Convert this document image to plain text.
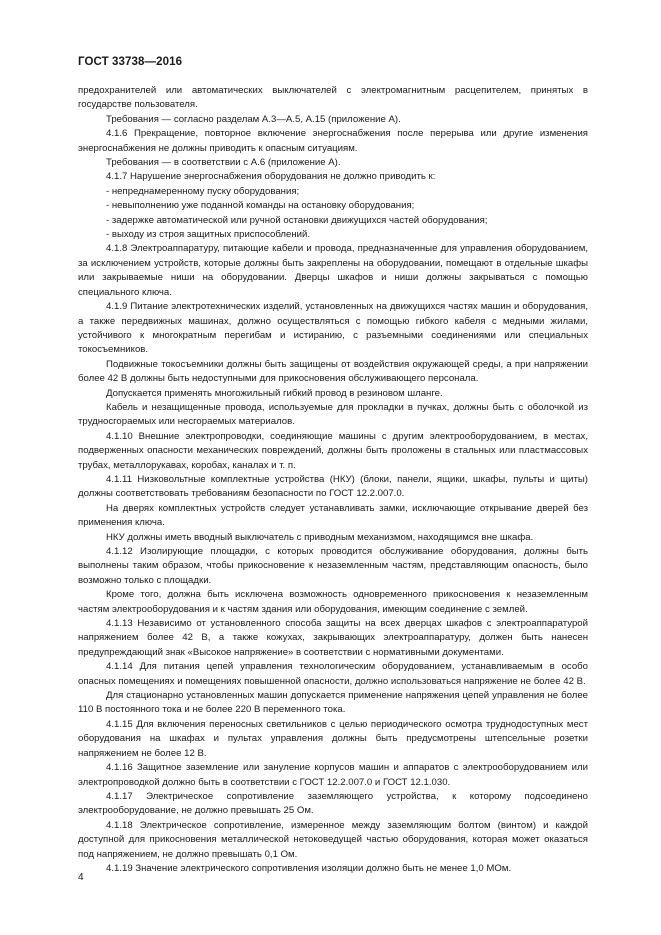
ГОСТ 33738—2016

предохранителей или автоматических выключателей с электромагнитным расцепителем, принятых в государстве пользователя.

Требования — согласно разделам А.3—А.5, А.15 (приложение А).

4.1.6 Прекращение, повторное включение энергоснабжения после перерыва или другие изменения энергоснабжения не должны приводить к опасным ситуациям.

Требования — в соответствии с А.6 (приложение А).

4.1.7 Нарушение энергоснабжения оборудования не должно приводить к:

- непреднамеренному пуску оборудования;

- невыполнению уже поданной команды на остановку оборудования;

- задержке автоматической или ручной остановки движущихся частей оборудования;

- выходу из строя защитных приспособлений.

4.1.8 Электроаппаратуру, питающие кабели и провода, предназначенные для управления оборудованием, за исключением устройств, которые должны быть закреплены на оборудовании, помещают в отдельные шкафы или закрываемые ниши на оборудовании. Дверцы шкафов и ниши должны закрываться с помощью специального ключа.

4.1.9 Питание электротехнических изделий, установленных на движущихся частях машин и оборудования, а также передвижных машинах, должно осуществляться с помощью гибкого кабеля с медными жилами, устойчивого к многократным перегибам и истиранию, с разъемными соединениями или специальных токосъемников.

Подвижные токосъемники должны быть защищены от воздействия окружающей среды, а при напряжении более 42 В должны быть недоступными для прикосновения обслуживающего персонала.

Допускается применять многожильный гибкий провод в резиновом шланге.

Кабель и незащищенные провода, используемые для прокладки в пучках, должны быть с оболочкой из трудносгораемых или несгораемых материалов.

4.1.10 Внешние электропроводки, соединяющие машины с другим электрооборудованием, в местах, подверженных опасности механических повреждений, должны быть проложены в стальных или пластмассовых трубах, металлорукавах, коробах, каналах и т. п.

4.1.11 Низковольтные комплектные устройства (НКУ) (блоки, панели, ящики, шкафы, пульты и щиты) должны соответствовать требованиям безопасности по ГОСТ 12.2.007.0.

На дверях комплектных устройств следует устанавливать замки, исключающие открывание дверей без применения ключа.

НКУ должны иметь вводный выключатель с приводным механизмом, находящимся вне шкафа.

4.1.12 Изолирующие площадки, с которых проводится обслуживание оборудования, должны быть выполнены таким образом, чтобы прикосновение к незаземленным частям, представляющим опасность, было возможно только с площадки.

Кроме того, должна быть исключена возможность одновременного прикосновения к незаземленным частям электрооборудования и к частям здания или оборудования, имеющим соединение с землей.

4.1.13 Независимо от установленного способа защиты на всех дверцах шкафов с электроаппаратурой напряжением более 42 В, а также кожухах, закрывающих электроаппаратуру, должен быть нанесен предупреждающий знак «Высокое напряжение» в соответствии с нормативными документами.

4.1.14 Для питания цепей управления технологическим оборудованием, устанавливаемым в особо опасных помещениях и помещениях повышенной опасности, должно использоваться напряжение не более 42 В.

Для стационарно установленных машин допускается применение напряжения цепей управления не более 110 В постоянного тока и не более 220 В переменного тока.

4.1.15 Для включения переносных светильников с целью периодического осмотра труднодоступных мест оборудования на шкафах и пультах управления должны быть предусмотрены штепсельные розетки напряжением не более 12 В.

4.1.16 Защитное заземление или зануление корпусов машин и аппаратов с электрооборудованием или электропроводкой должно быть в соответствии с ГОСТ 12.2.007.0 и ГОСТ 12.1.030.

4.1.17 Электрическое сопротивление заземляющего устройства, к которому подсоединено электрооборудование, не должно превышать 25 Ом.

4.1.18 Электрическое сопротивление, измеренное между заземляющим болтом (винтом) и каждой доступной для прикосновения металлической нетоковедущей частью оборудования, которая может оказаться под напряжением, не должно превышать 0,1 Ом.

4.1.19 Значение электрического сопротивления изоляции должно быть не менее 1,0 МОм.

4
